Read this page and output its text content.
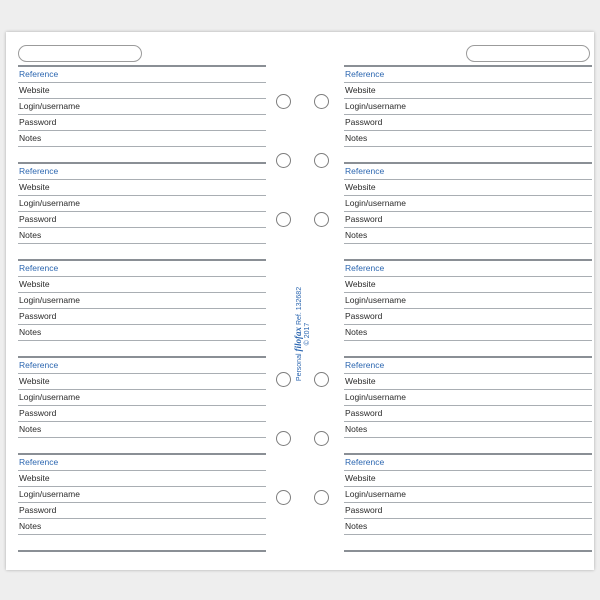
Personal filofax Ref. 132682
© 2017
Reference
Website
Login/username
Password
Notes
Reference
Website
Login/username
Password
Notes
Reference
Website
Login/username
Password
Notes
Reference
Website
Login/username
Password
Notes
Reference
Website
Login/username
Password
Notes
Reference
Website
Login/username
Password
Notes
Reference
Website
Login/username
Password
Notes
Reference
Website
Login/username
Password
Notes
Reference
Website
Login/username
Password
Notes
Reference
Website
Login/username
Password
Notes
